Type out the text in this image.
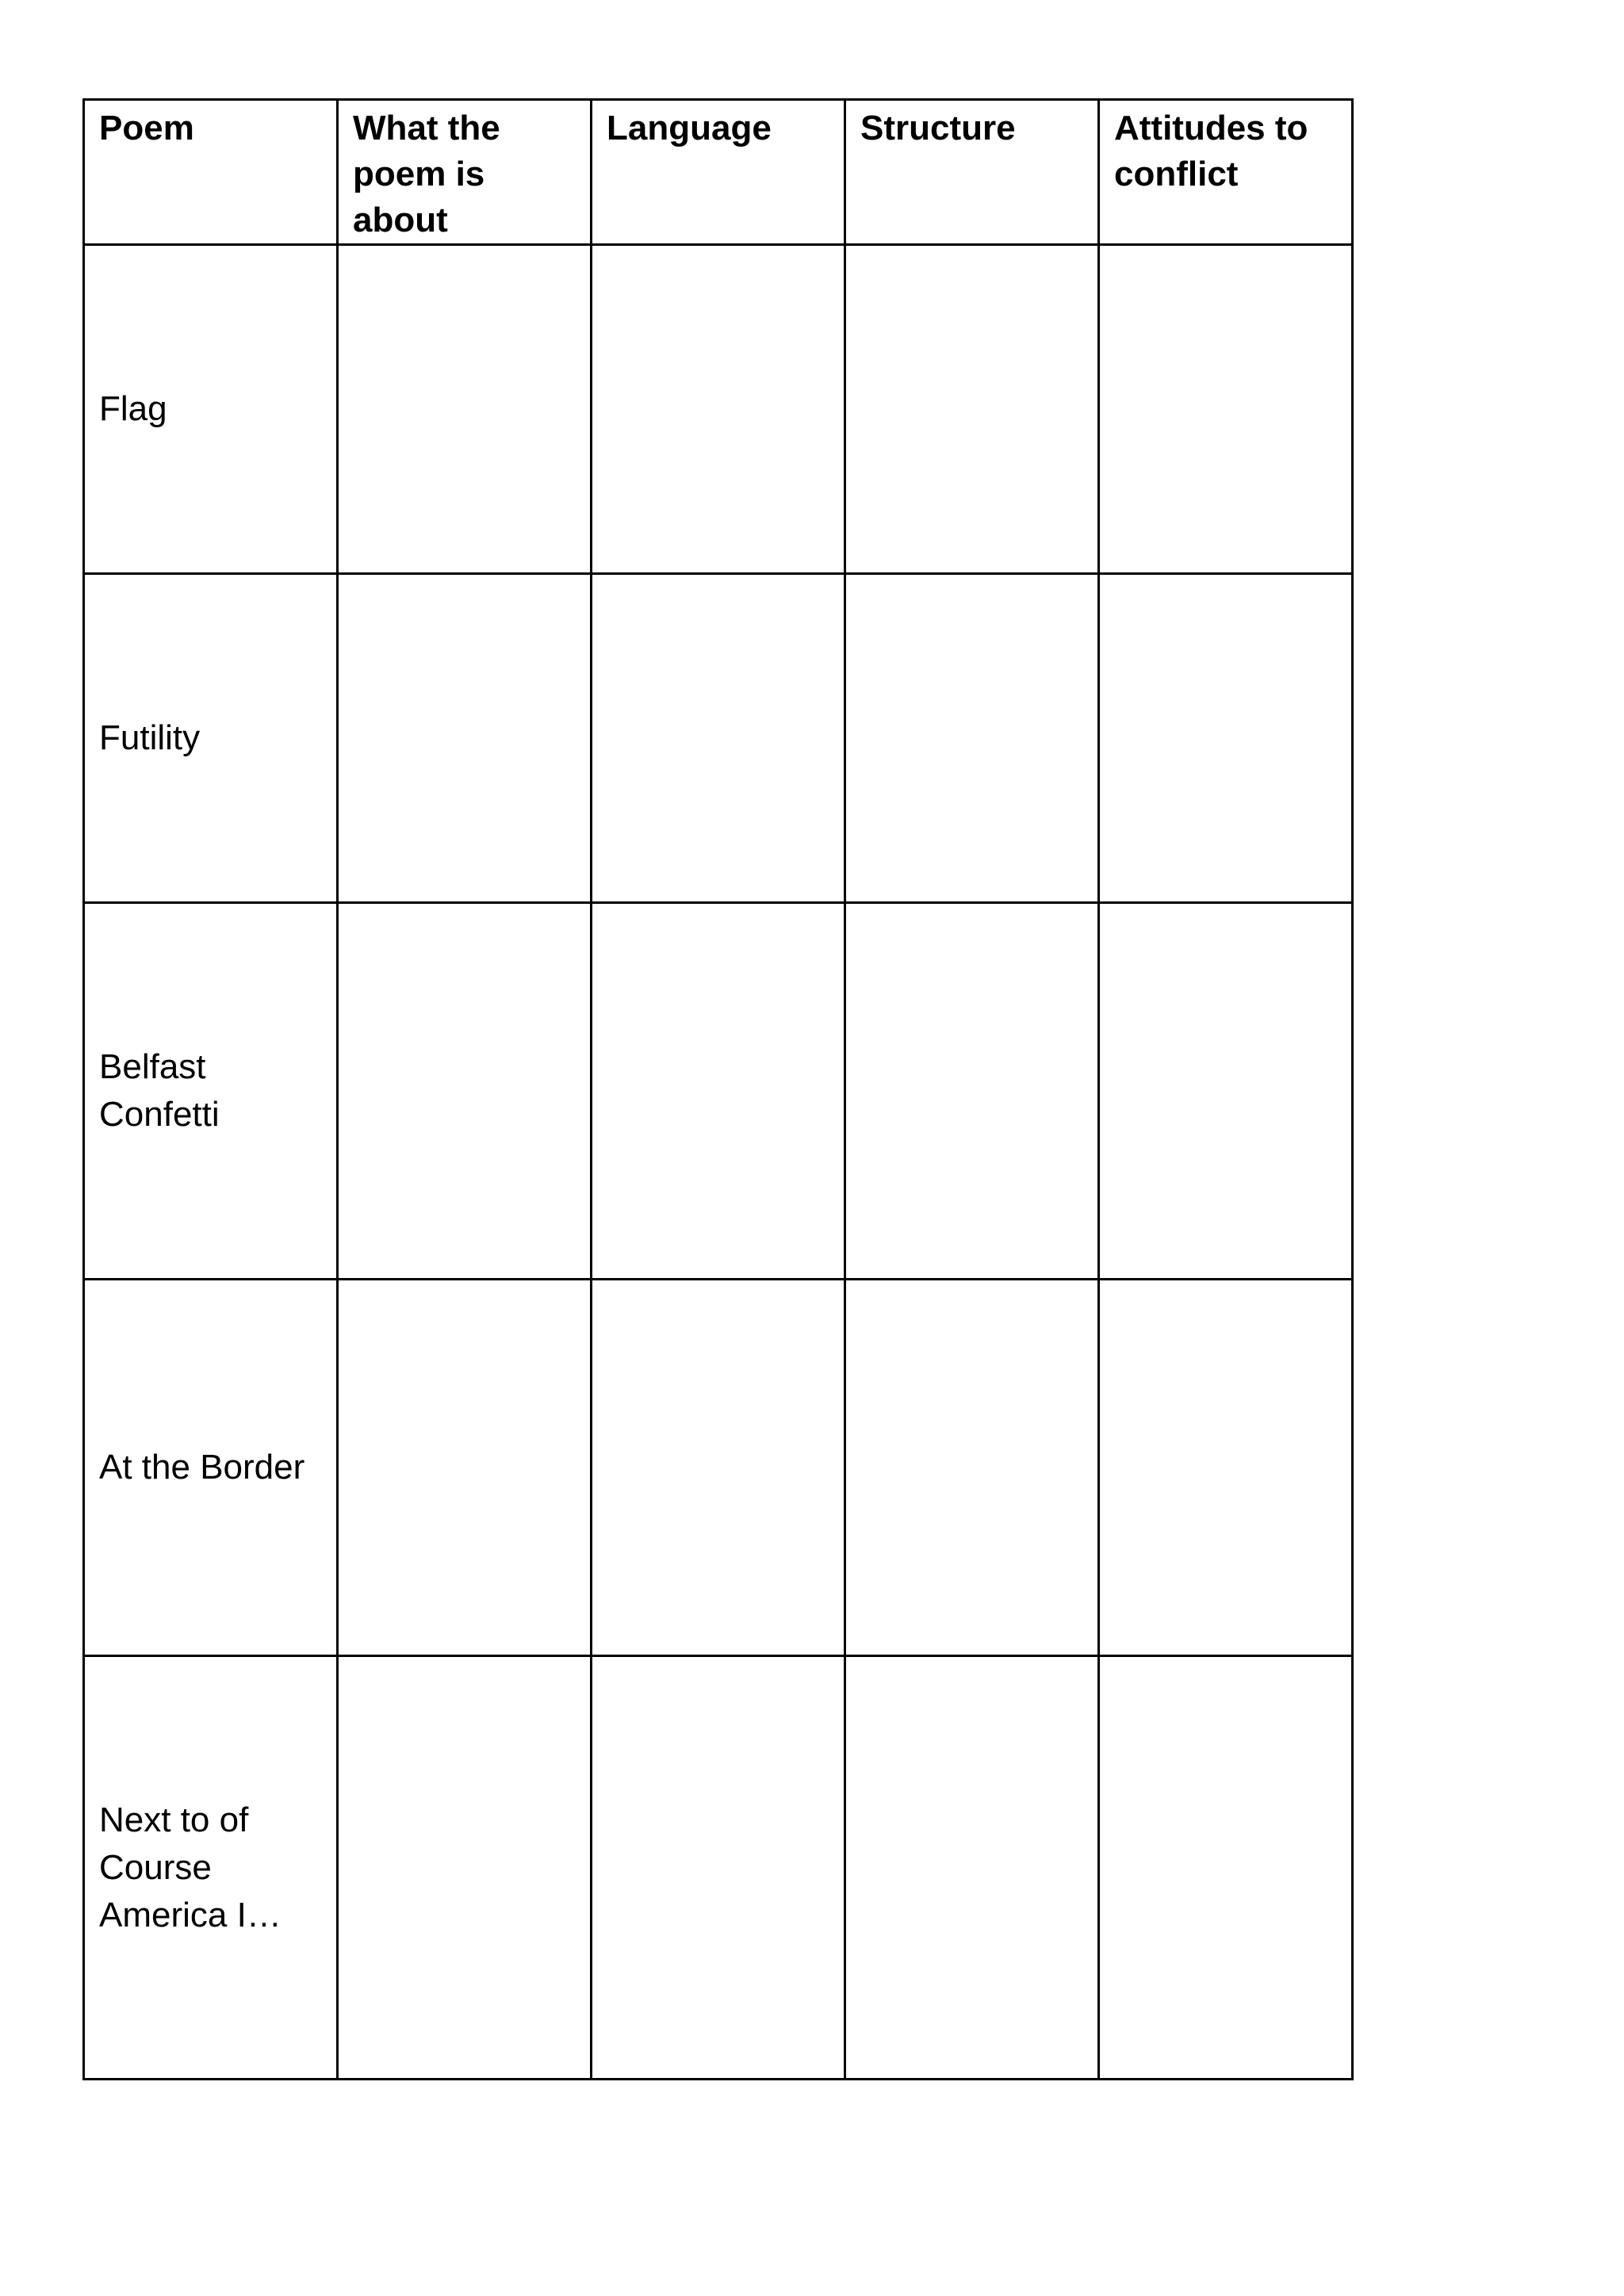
Poem	What the poem is about	Language	Structure	Attitudes to conflict

Flag				

Futility				

Belfast
Confetti				

At the Border				

Next to of
Course
America I…				
